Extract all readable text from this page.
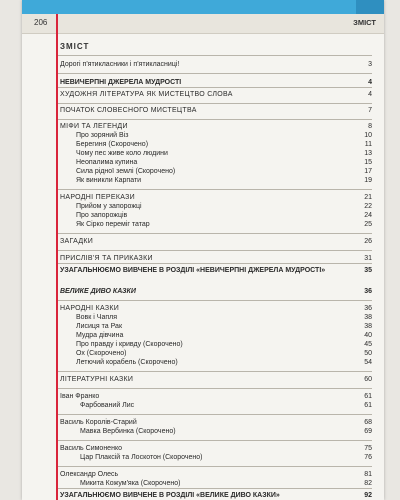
206	ЗМІСТ
ЗМІСТ
Дорогі п'ятикласники і п'ятикласниці!	3
НЕВИЧЕРПНІ ДЖЕРЕЛА МУДРОСТІ	4
ХУДОЖНЯ ЛІТЕРАТУРА ЯК МИСТЕЦТВО СЛОВА	4
ПОЧАТОК СЛОВЕСНОГО МИСТЕЦТВА	7
МІФИ ТА ЛЕГЕНДИ	8
Про зоряний Віз	10
Берегиня (Скорочено)	11
Чому пес живе коло людини	13
Неопалима купина	15
Сила рідної землі (Скорочено)	17
Як виникли Карпати	19
НАРОДНІ ПЕРЕКАЗИ	21
Прийом у запорожці	22
Про запорожців	24
Як Сірко переміг татар	25
ЗАГАДКИ	26
ПРИСЛІВ'Я ТА ПРИКАЗКИ	31
УЗАГАЛЬНЮЄМО ВИВЧЕНЕ В РОЗДІЛІ «НЕВИЧЕРПНІ ДЖЕРЕЛА МУДРОСТІ»	35
ВЕЛИКЕ ДИВО КАЗКИ	36
НАРОДНІ КАЗКИ	36
Вовк і Чапля	38
Лисиця та Рак	38
Мудра дівчина	40
Про правду і кривду (Скорочено)	45
Ох (Скорочено)	50
Летючий корабель (Скорочено)	54
ЛІТЕРАТУРНІ КАЗКИ	60
Іван Франко	61
Фарбований Лис	61
Василь Королів-Старий	68
Мавка Вербинка (Скорочено)	69
Василь Симоненко	75
Цар Плаксій та Лоскотон (Скорочено)	76
Олександр Олесь	81
Микита Кожум'яка (Скорочено)	82
УЗАГАЛЬНЮЄМО ВИВЧЕНЕ В РОЗДІЛІ «ВЕЛИКЕ ДИВО КАЗКИ»	92
